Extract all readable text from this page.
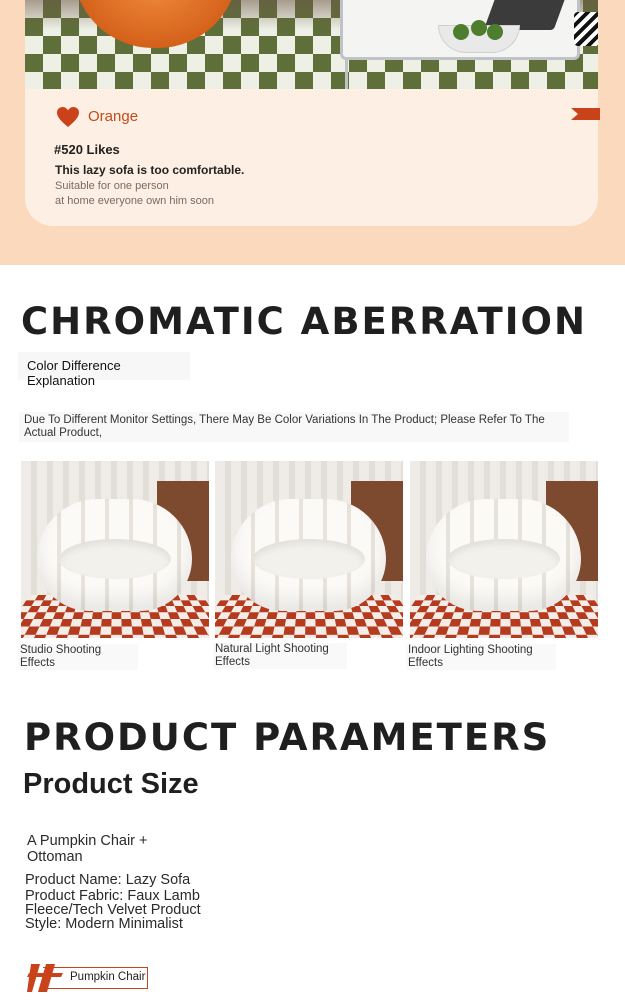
Orange
#520 Likes
This lazy sofa is too comfortable.
Suitable for one person
at home everyone own him soon
CHROMATIC ABERRATION
Color Difference Explanation
Due To Different Monitor Settings, There May Be Color Variations In The Product; Please Refer To The Actual Product,
Studio Shooting
Effects
Natural Light Shooting
Effects
Indoor Lighting Shooting
Effects
PRODUCT PARAMETERS
Product Size
A Pumpkin Chair +
Ottoman
Product Name: Lazy Sofa
Product Fabric: Faux Lamb
Fleece/Tech Velvet Product
Style: Modern Minimalist
Pumpkin Chair
